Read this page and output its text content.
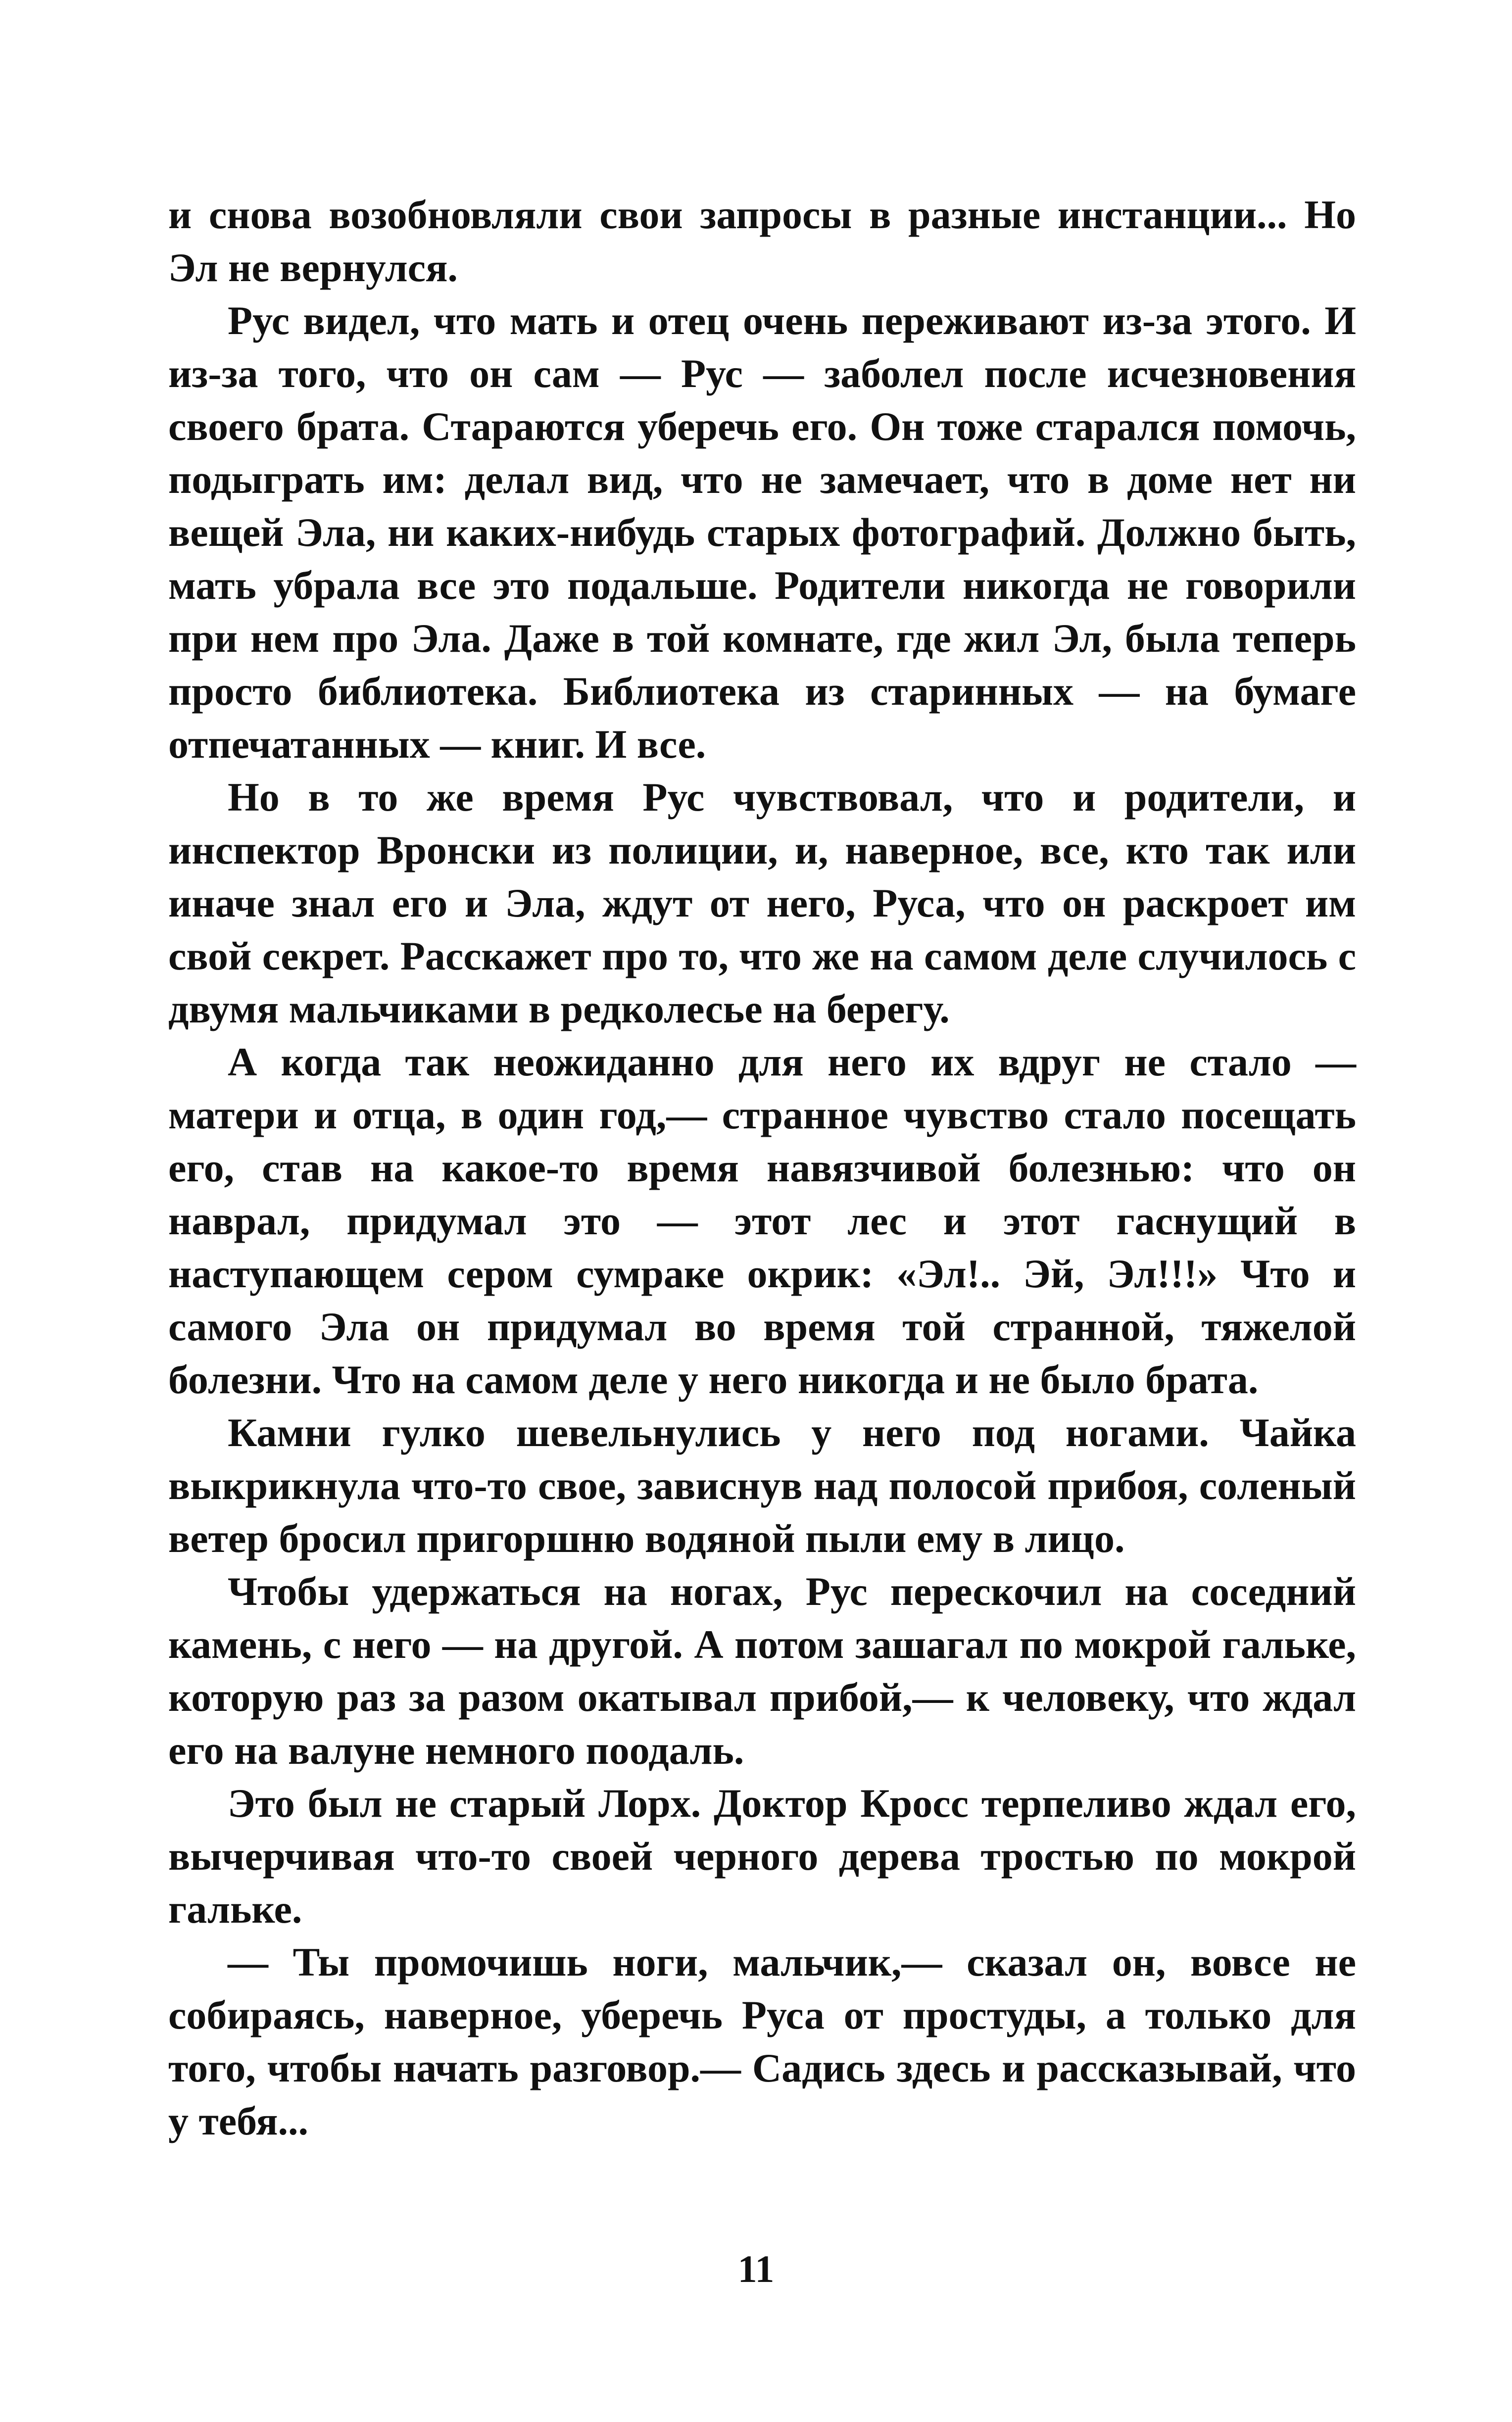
и снова возобновляли свои запросы в разные инстанции... Но Эл не вернулся.

Рус видел, что мать и отец очень переживают из-за этого. И из-за того, что он сам — Рус — заболел после исчезновения своего брата. Стараются уберечь его. Он тоже старался помочь, подыграть им: делал вид, что не замечает, что в доме нет ни вещей Эла, ни каких-нибудь старых фотографий. Должно быть, мать убрала все это подальше. Родители никогда не говорили при нем про Эла. Даже в той комнате, где жил Эл, была теперь просто библиотека. Библиотека из старинных — на бумаге отпечатанных — книг. И все.

Но в то же время Рус чувствовал, что и родители, и инспектор Вронски из полиции, и, наверное, все, кто так или иначе знал его и Эла, ждут от него, Руса, что он раскроет им свой секрет. Расскажет про то, что же на самом деле случилось с двумя мальчиками в редколесье на берегу.

А когда так неожиданно для него их вдруг не стало — матери и отца, в один год,— странное чувство стало посещать его, став на какое-то время навязчивой болезнью: что он наврал, придумал это — этот лес и этот гаснущий в наступающем сером сумраке окрик: «Эл!.. Эй, Эл!!!» Что и самого Эла он придумал во время той странной, тяжелой болезни. Что на самом деле у него никогда и не было брата.

Камни гулко шевельнулись у него под ногами. Чайка выкрикнула что-то свое, зависнув над полосой прибоя, соленый ветер бросил пригоршню водяной пыли ему в лицо.

Чтобы удержаться на ногах, Рус перескочил на соседний камень, с него — на другой. А потом зашагал по мокрой гальке, которую раз за разом окатывал прибой,— к человеку, что ждал его на валуне немного поодаль.

Это был не старый Лорх. Доктор Кросс терпеливо ждал его, вычерчивая что-то своей черного дерева тростью по мокрой гальке.

— Ты промочишь ноги, мальчик,— сказал он, вовсе не собираясь, наверное, уберечь Руса от простуды, а только для того, чтобы начать разговор.— Садись здесь и рассказывай, что у тебя...

11
